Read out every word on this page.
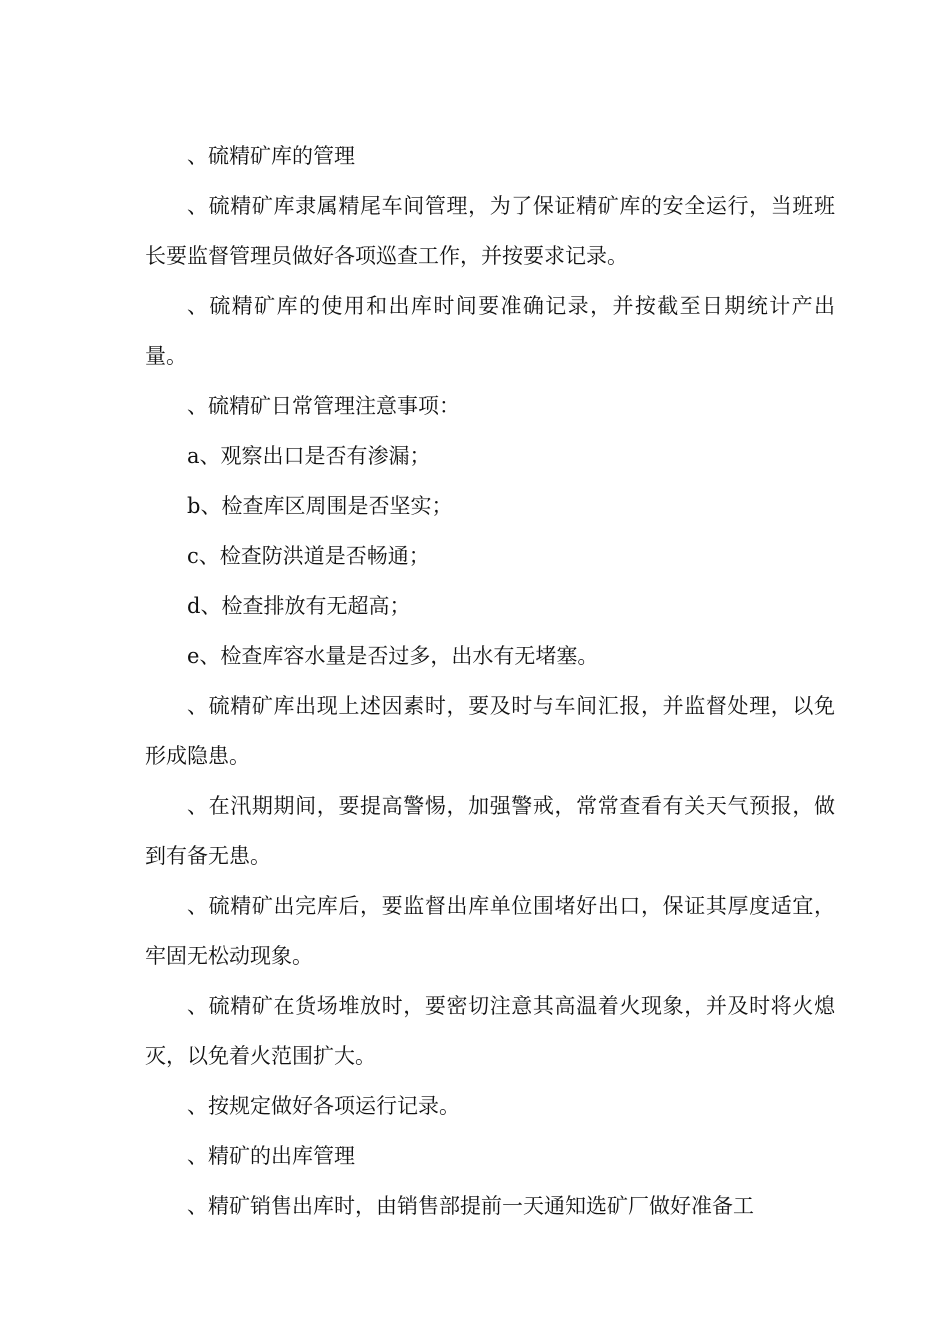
、硫精矿库的管理

、硫精矿库隶属精尾车间管理，为了保证精矿库的安全运行，当班班长要监督管理员做好各项巡查工作，并按要求记录。

、硫精矿库的使用和出库时间要准确记录，并按截至日期统计产出量。

、硫精矿日常管理注意事项：

a、观察出口是否有渗漏；

b、检查库区周围是否坚实；

c、检查防洪道是否畅通；

d、检查排放有无超高；

e、检查库容水量是否过多，出水有无堵塞。

、硫精矿库出现上述因素时，要及时与车间汇报，并监督处理，以免形成隐患。

、在汛期期间，要提高警惕，加强警戒，常常查看有关天气预报，做到有备无患。

、硫精矿出完库后，要监督出库单位围堵好出口，保证其厚度适宜，牢固无松动现象。

、硫精矿在货场堆放时，要密切注意其高温着火现象，并及时将火熄灭，以免着火范围扩大。

、按规定做好各项运行记录。

、精矿的出库管理

、精矿销售出库时，由销售部提前一天通知选矿厂做好准备工
